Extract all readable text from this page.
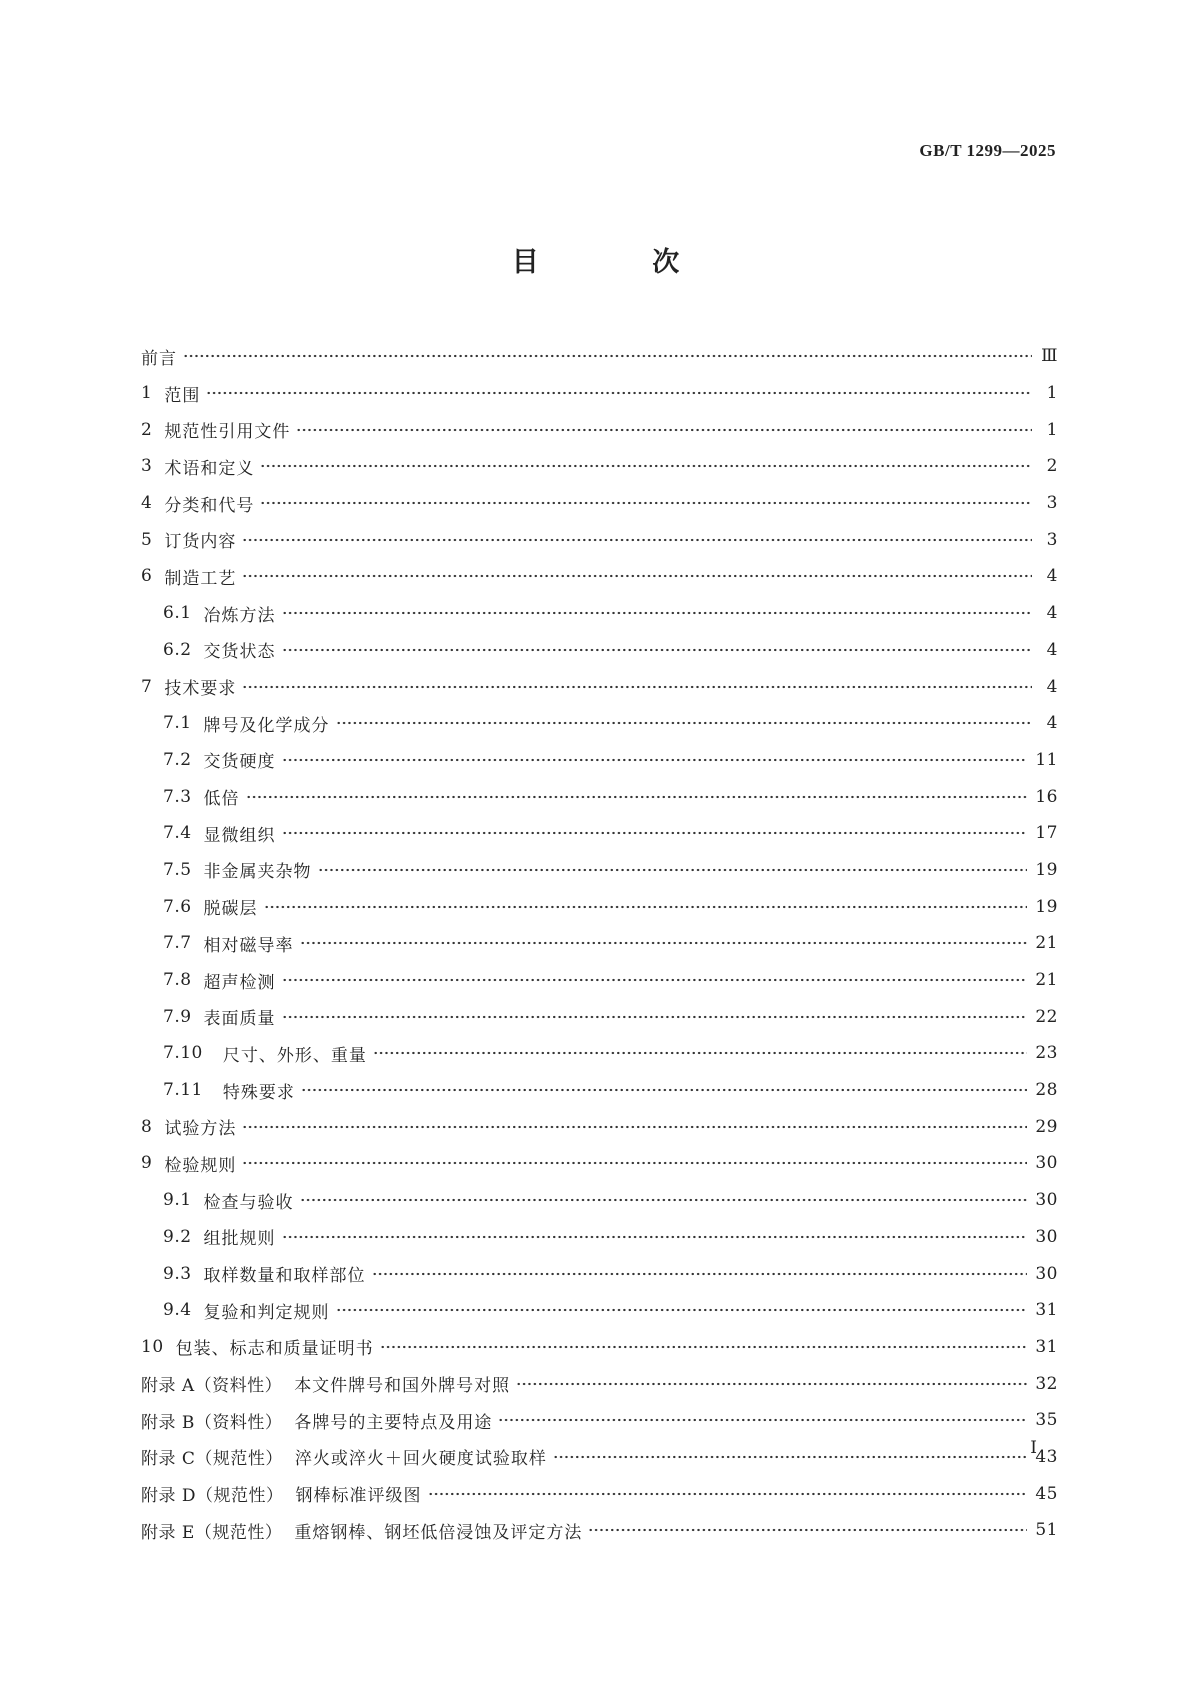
GB/T 1299—2025

目 次
前言	Ⅲ
1 范围	1
2 规范性引用文件	1
3 术语和定义	2
4 分类和代号	3
5 订货内容	3
6 制造工艺	4
6.1 冶炼方法	4
6.2 交货状态	4
7 技术要求	4
7.1 牌号及化学成分	4
7.2 交货硬度	11
7.3 低倍	16
7.4 显微组织	17
7.5 非金属夹杂物	19
7.6 脱碳层	19
7.7 相对磁导率	21
7.8 超声检测	21
7.9 表面质量	22
7.10 尺寸、外形、重量	23
7.11 特殊要求	28
8 试验方法	29
9 检验规则	30
9.1 检查与验收	30
9.2 组批规则	30
9.3 取样数量和取样部位	30
9.4 复验和判定规则	31
10 包装、标志和质量证明书	31
附录 A（资料性） 本文件牌号和国外牌号对照	32
附录 B（资料性） 各牌号的主要特点及用途	35
附录 C（规范性） 淬火或淬火＋回火硬度试验取样	43
附录 D（规范性） 钢棒标准评级图	45
附录 E（规范性） 重熔钢棒、钢坯低倍浸蚀及评定方法	51

I
